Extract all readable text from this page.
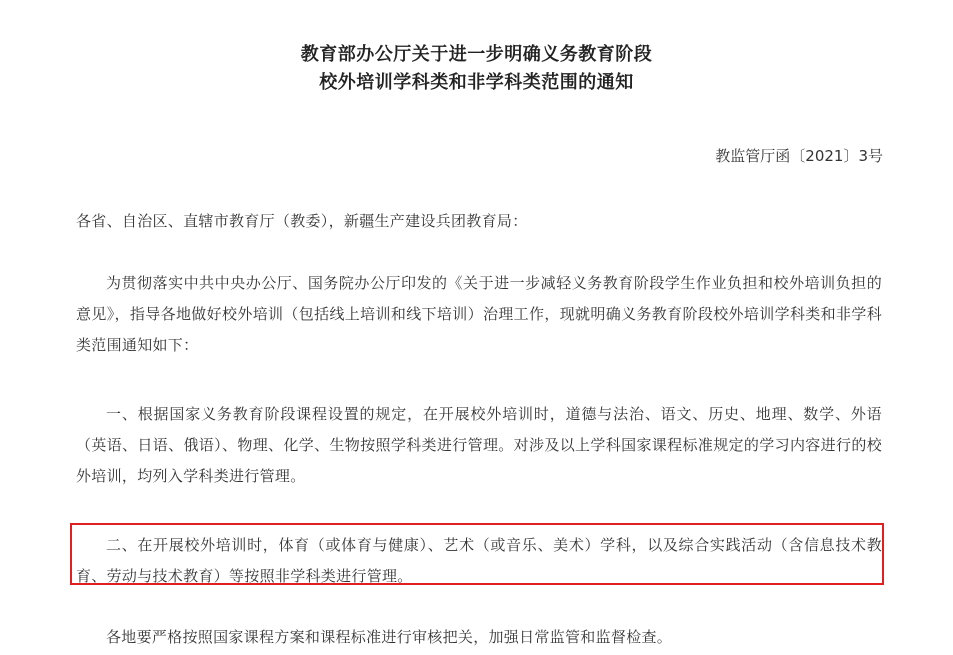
教育部办公厅关于进一步明确义务教育阶段
校外培训学科类和非学科类范围的通知
教监管厅函〔2021〕3号

各省、自治区、直辖市教育厅（教委），新疆生产建设兵团教育局：

为贯彻落实中共中央办公厅、国务院办公厅印发的《关于进一步减轻义务教育阶段学生作业负担和校外培训负担的意见》，指导各地做好校外培训（包括线上培训和线下培训）治理工作，现就明确义务教育阶段校外培训学科类和非学科类范围通知如下：

一、根据国家义务教育阶段课程设置的规定，在开展校外培训时，道德与法治、语文、历史、地理、数学、外语（英语、日语、俄语）、物理、化学、生物按照学科类进行管理。对涉及以上学科国家课程标准规定的学习内容进行的校外培训，均列入学科类进行管理。

二、在开展校外培训时，体育（或体育与健康）、艺术（或音乐、美术）学科，以及综合实践活动（含信息技术教育、劳动与技术教育）等按照非学科类进行管理。

各地要严格按照国家课程方案和课程标准进行审核把关，加强日常监管和监督检查。
